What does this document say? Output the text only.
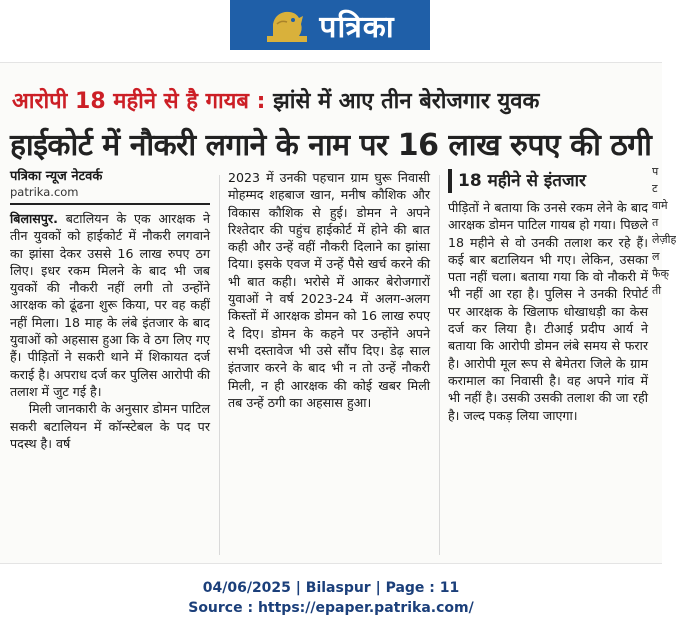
पत्रिका
आरोपी 18 महीने से है गायब : झांसे में आए तीन बेरोजगार युवक
हाईकोर्ट में नौकरी लगाने के नाम पर 16 लाख रुपए की ठगी
पत्रिका न्यूज नेटवर्क
patrika.com

बिलासपुर. बटालियन के एक आरक्षक ने तीन युवकों को हाईकोर्ट में नौकरी लगवाने का झांसा देकर उससे 16 लाख रुपए ठग लिए। इधर रकम मिलने के बाद भी जब युवकों की नौकरी नहीं लगी तो उन्होंने आरक्षक को ढूंढना शुरू किया, पर वह कहीं नहीं मिला। 18 माह के लंबे इंतजार के बाद युवाओं को अहसास हुआ कि वे ठग लिए गए हैं। पीड़ितों ने सकरी थाने में शिकायत दर्ज कराई है। अपराध दर्ज कर पुलिस आरोपी की तलाश में जुट गई है।

मिली जानकारी के अनुसार डोमन पाटिल सकरी बटालियन में कॉन्स्टेबल के पद पर पदस्थ है। वर्ष

2023 में उनकी पहचान ग्राम घुरू निवासी मोहम्मद शहबाज खान, मनीष कौशिक और विकास कौशिक से हुई। डोमन ने अपने रिश्तेदार की पहुंच हाईकोर्ट में होने की बात कही और उन्हें वहीं नौकरी दिलाने का झांसा दिया। इसके एवज में उन्हें पैसे खर्च करने की भी बात कही। भरोसे में आकर बेरोजगारों युवाओं ने वर्ष 2023-24 में अलग-अलग किस्तों में आरक्षक डोमन को 16 लाख रुपए दे दिए। डोमन के कहने पर उन्होंने अपने सभी दस्तावेज भी उसे सौंप दिए। डेढ़ साल इंतजार करने के बाद भी न तो उन्हें नौकरी मिली, न ही आरक्षक की कोई खबर मिली तब उन्हें ठगी का अहसास हुआ।

18 महीने से इंतजार

पीड़ितों ने बताया कि उनसे रकम लेने के बाद आरक्षक डोमन पाटिल गायब हो गया। पिछले 18 महीने से वो उनकी तलाश कर रहे हैं। कई बार बटालियन भी गए। लेकिन, उसका पता नहीं चला। बताया गया कि वो नौकरी में भी नहीं आ रहा है। पुलिस ने उनकी रिपोर्ट पर आरक्षक के खिलाफ धोखाधड़ी का केस दर्ज कर लिया है। टीआई प्रदीप आर्य ने बताया कि आरोपी डोमन लंबे समय से फरार है। आरोपी मूल रूप से बेमेतरा जिले के ग्राम करामाल का निवासी है। वह अपने गांव में भी नहीं है। उसकी उसकी तलाश की जा रही है। जल्द पकड़ लिया जाएगा।

पटवामेतलेज़ीहलफैक्ती
04/06/2025 | Bilaspur | Page : 11
Source : https://epaper.patrika.com/
